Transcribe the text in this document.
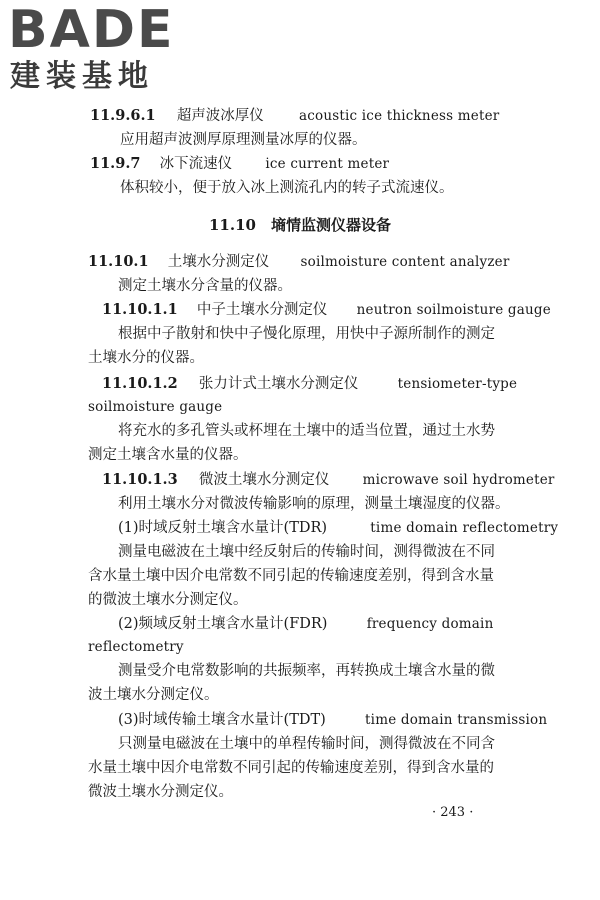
BADE
建装基地
11.9.6.1 超声波冰厚仪	acoustic ice thickness meter
应用超声波测厚原理测量冰厚的仪器。
11.9.7 冰下流速仪 ice current meter
体积较小，便于放入冰上测流孔内的转子式流速仪。
11.10　墒情监测仪器设备
11.10.1 土壤水分测定仪 soilmoisture content analyzer
测定土壤水分含量的仪器。
11.10.1.1 中子土壤水分测定仪 neutron soilmoisture gauge
根据中子散射和快中子慢化原理，用快中子源所制作的测定
土壤水分的仪器。
11.10.1.2 张力计式土壤水分测定仪	tensiometer-type
soilmoisture gauge
将充水的多孔管头或杯埋在土壤中的适当位置，通过土水势
测定土壤含水量的仪器。
11.10.1.3 微波土壤水分测定仪 microwave soil hydrometer
利用土壤水分对微波传输影响的原理，测量土壤湿度的仪器。
(1)时域反射土壤含水量计(TDR)	time domain reflectometry
测量电磁波在土壤中经反射后的传输时间，测得微波在不同
含水量土壤中因介电常数不同引起的传输速度差别，得到含水量
的微波土壤水分测定仪。
(2)频域反射土壤含水量计(FDR)	frequency domain
reflectometry
测量受介电常数影响的共振频率，再转换成土壤含水量的微
波土壤水分测定仪。
(3)时域传输土壤含水量计(TDT)	time domain transmission
只测量电磁波在土壤中的单程传输时间，测得微波在不同含
水量土壤中因介电常数不同引起的传输速度差别，得到含水量的
微波土壤水分测定仪。
· 243 ·
